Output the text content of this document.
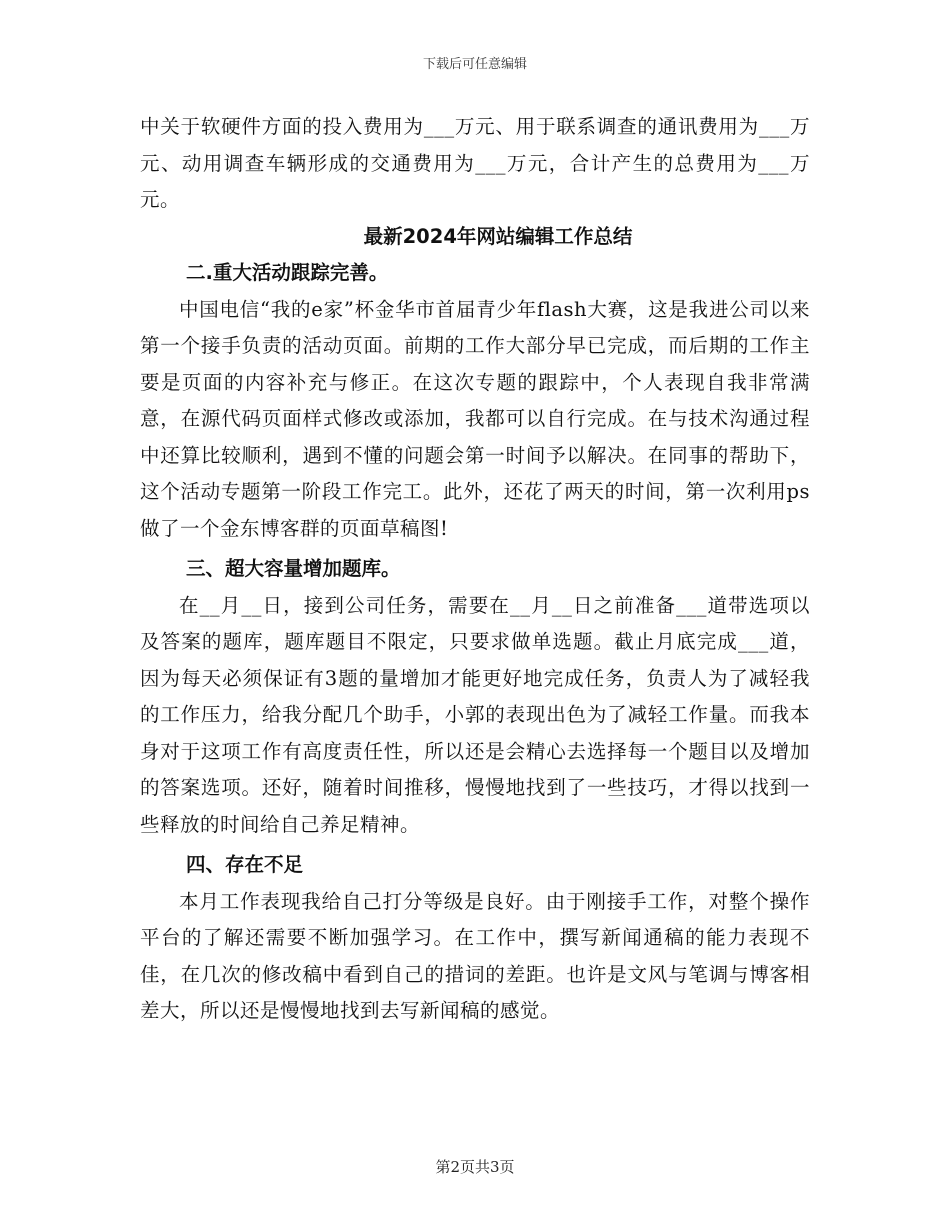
下载后可任意编辑

中关于软硬件方面的投入费用为___万元、用于联系调查的通讯费用为___万元、动用调查车辆形成的交通费用为___万元，合计产生的总费用为___万元。

最新2024年网站编辑工作总结

二.重大活动跟踪完善。

中国电信“我的e家”杯金华市首届青少年flash大赛，这是我进公司以来第一个接手负责的活动页面。前期的工作大部分早已完成，而后期的工作主要是页面的内容补充与修正。在这次专题的跟踪中，个人表现自我非常满意，在源代码页面样式修改或添加，我都可以自行完成。在与技术沟通过程中还算比较顺利，遇到不懂的问题会第一时间予以解决。在同事的帮助下，这个活动专题第一阶段工作完工。此外，还花了两天的时间，第一次利用ps做了一个金东博客群的页面草稿图!

三、超大容量增加题库。

在__月__日，接到公司任务，需要在__月__日之前准备___道带选项以及答案的题库，题库题目不限定，只要求做单选题。截止月底完成___道，因为每天必须保证有3题的量增加才能更好地完成任务，负责人为了减轻我的工作压力，给我分配几个助手，小郭的表现出色为了减轻工作量。而我本身对于这项工作有高度责任性，所以还是会精心去选择每一个题目以及增加的答案选项。还好，随着时间推移，慢慢地找到了一些技巧，才得以找到一些释放的时间给自己养足精神。

四、存在不足

本月工作表现我给自己打分等级是良好。由于刚接手工作，对整个操作平台的了解还需要不断加强学习。在工作中，撰写新闻通稿的能力表现不佳，在几次的修改稿中看到自己的措词的差距。也许是文风与笔调与博客相差大，所以还是慢慢地找到去写新闻稿的感觉。

第2页共3页
